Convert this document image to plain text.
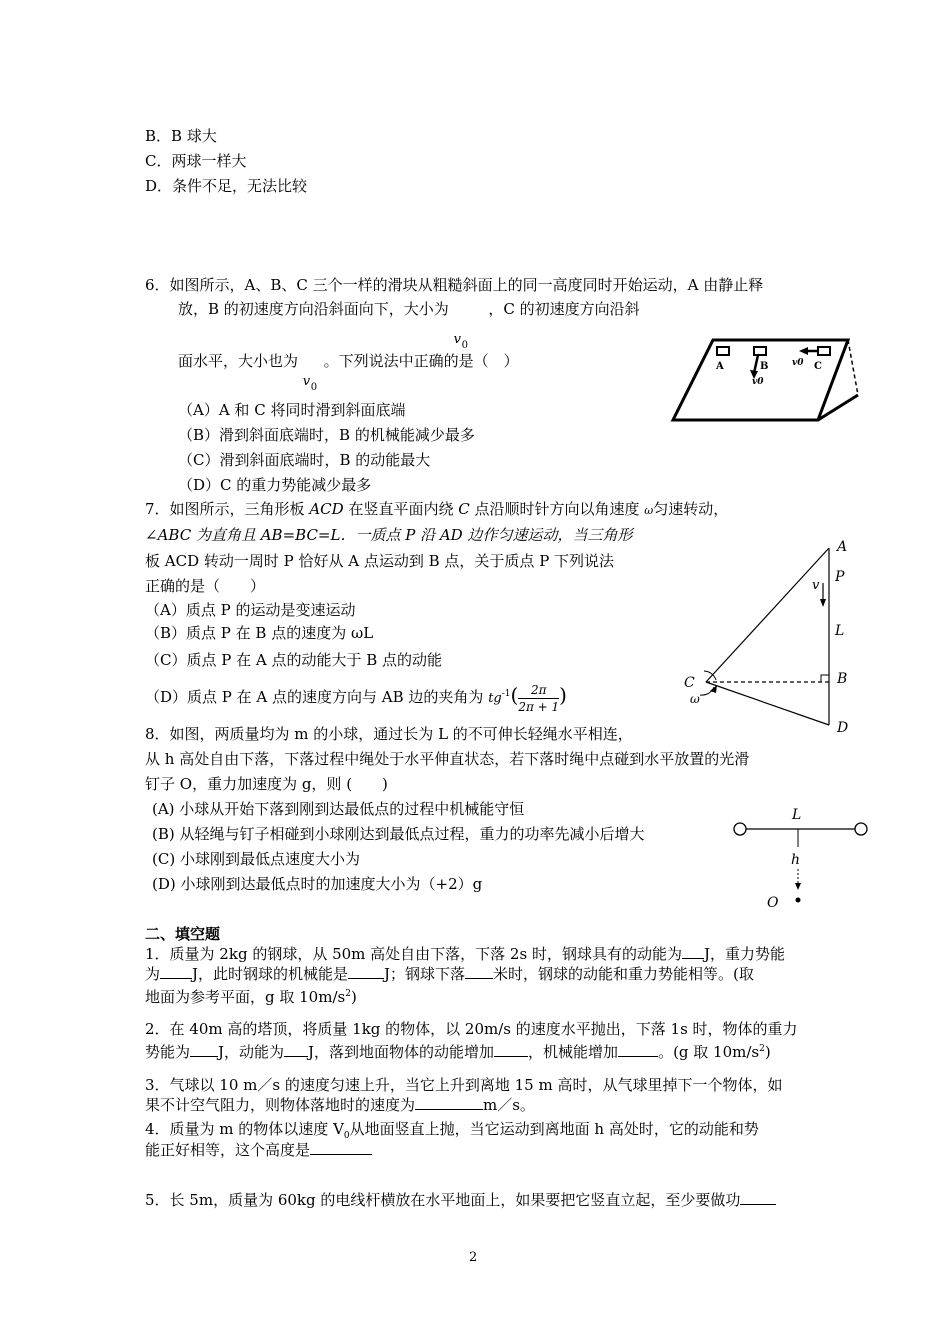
B．B 球大
C．两球一样大
D．条件不足，无法比较
6．如图所示，A、B、C 三个一样的滑块从粗糙斜面上的同一高度同时开始运动，A 由静止释
放，B 的初速度方向沿斜面向下，大小为
v 0
，C 的初速度方向沿斜
面水平，大小也为
v 0
。下列说法中正确的是（　）
（A）A 和 C 将同时滑到斜面底端
（B）滑到斜面底端时，B 的机械能减少最多
（C）滑到斜面底端时，B 的动能最大
（D）C 的重力势能减少最多
A	B	C
v0
v0
7．如图所示，三角形板 ACD 在竖直平面内绕 C 点沿顺时针方向以角速度 ω匀速转动，
∠ABC 为直角且 AB=BC=L．一质点 P 沿 AD 边作匀速运动，当三角形
板 ACD 转动一周时 P 恰好从 A 点运动到 B 点，关于质点 P 下列说法
正确的是（　　）
（A）质点 P 的运动是变速运动
（B）质点 P 在 B 点的速度为 ωL
（C）质点 P 在 A 点的动能大于 B 点的动能
（D）质点 P 在 A 点的速度方向与 AB 边的夹角为 $tg^{-1}( \frac{2\pi}{2\pi + 1}$ )
A
P
v
L
B
D
C
ω
8．如图，两质量均为 m 的小球，通过长为 L 的不可伸长轻绳水平相连，
从 h 高处自由下落，下落过程中绳处于水平伸直状态，若下落时绳中点碰到水平放置的光滑
钉子 O，重力加速度为 g，则 (　　)
(A) 小球从开始下落到刚到达最低点的过程中机械能守恒
(B) 从轻绳与钉子相碰到小球刚达到最低点过程，重力的功率先减小后增大
(C) 小球刚到最低点速度大小为
(D) 小球刚到达最低点时的加速度大小为（+2）g
L
h
O
二、填空题
1．质量为 2kg 的钢球，从 50m 高处自由下落，下落 2s 时，钢球具有的动能为 J，重力势能
为 J，此时钢球的机械能是 J；钢球下落 米时，钢球的动能和重力势能相等。(取
地面为参考平面，g 取 $10m/s^2$)
2．在 40m 高的塔顶，将质量 1kg 的物体，以 20m/s 的速度水平抛出，下落 1s 时，物体的重力
势能为 J，动能为 J，落到地面物体的动能增加 ，机械能增加	。(g 取 $10m/s^2$)
3．气球以 10 m／s 的速度匀速上升，当它上升到离地 15 m 高时，从气球里掉下一个物体，如
果不计空气阻力，则物体落地时的速度为	m／s。
4．质量为 m 的物体以速度 $V_0$从地面竖直上抛，当它运动到离地面 h 高处时，它的动能和势
能正好相等，这个高度是
5．长 5m，质量为 60kg 的电线杆横放在水平地面上，如果要把它竖直立起，至少要做功
2
